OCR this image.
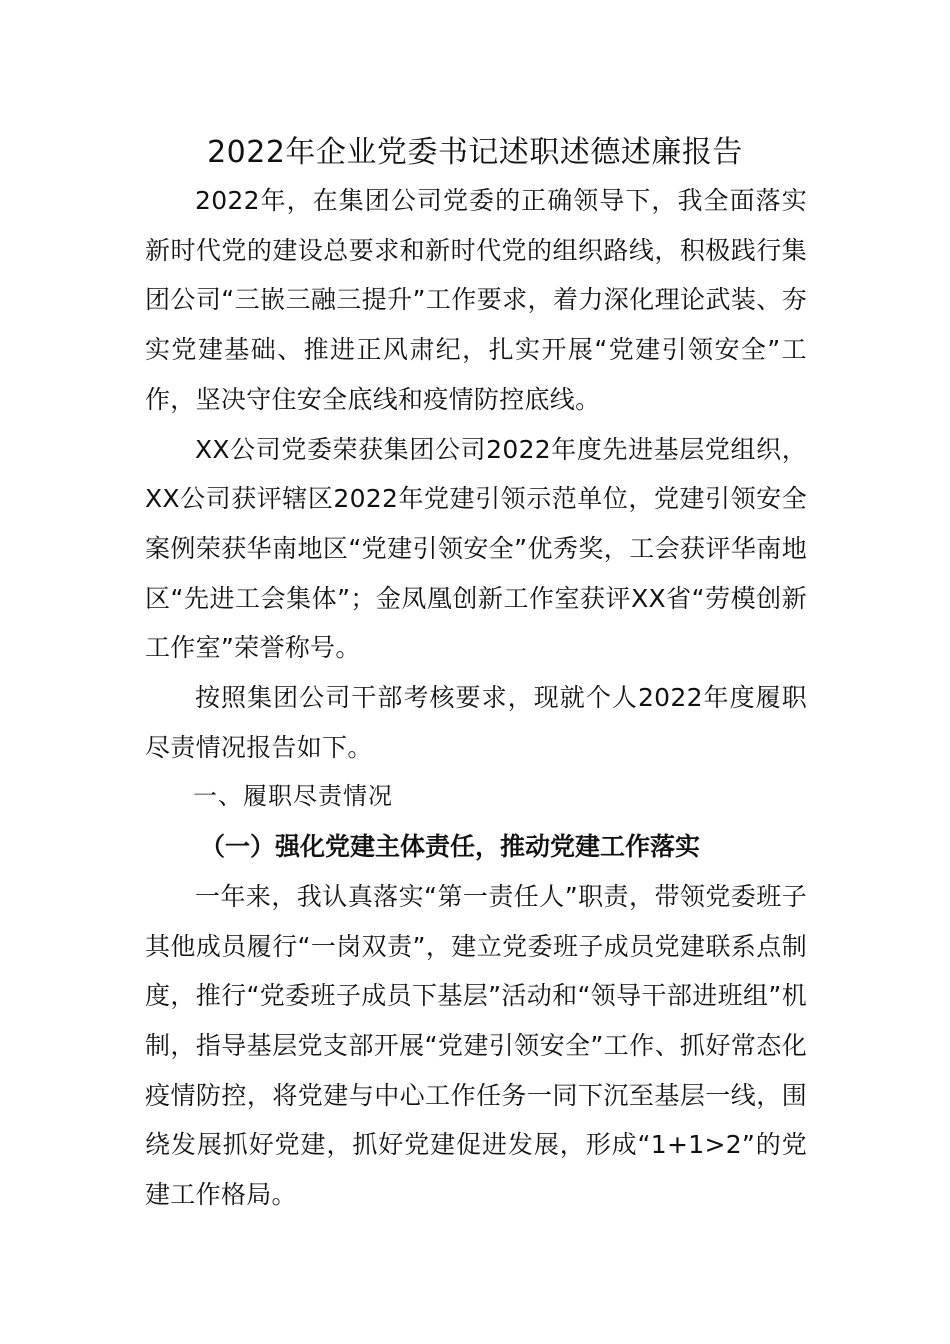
2022年企业党委书记述职述德述廉报告

2022年，在集团公司党委的正确领导下，我全面落实新时代党的建设总要求和新时代党的组织路线，积极践行集团公司“三嵌三融三提升”工作要求，着力深化理论武装、夯实党建基础、推进正风肃纪，扎实开展“党建引领安全”工作，坚决守住安全底线和疫情防控底线。

XX公司党委荣获集团公司2022年度先进基层党组织，XX公司获评辖区2022年党建引领示范单位，党建引领安全案例荣获华南地区“党建引领安全”优秀奖，工会获评华南地区“先进工会集体”；金凤凰创新工作室获评XX省“劳模创新工作室”荣誉称号。

按照集团公司干部考核要求，现就个人2022年度履职尽责情况报告如下。

一、履职尽责情况

（一）强化党建主体责任，推动党建工作落实

一年来，我认真落实“第一责任人”职责，带领党委班子其他成员履行“一岗双责”，建立党委班子成员党建联系点制度，推行“党委班子成员下基层”活动和“领导干部进班组”机制，指导基层党支部开展“党建引领安全”工作、抓好常态化疫情防控，将党建与中心工作任务一同下沉至基层一线，围绕发展抓好党建，抓好党建促进发展，形成“1+1>2”的党建工作格局。
